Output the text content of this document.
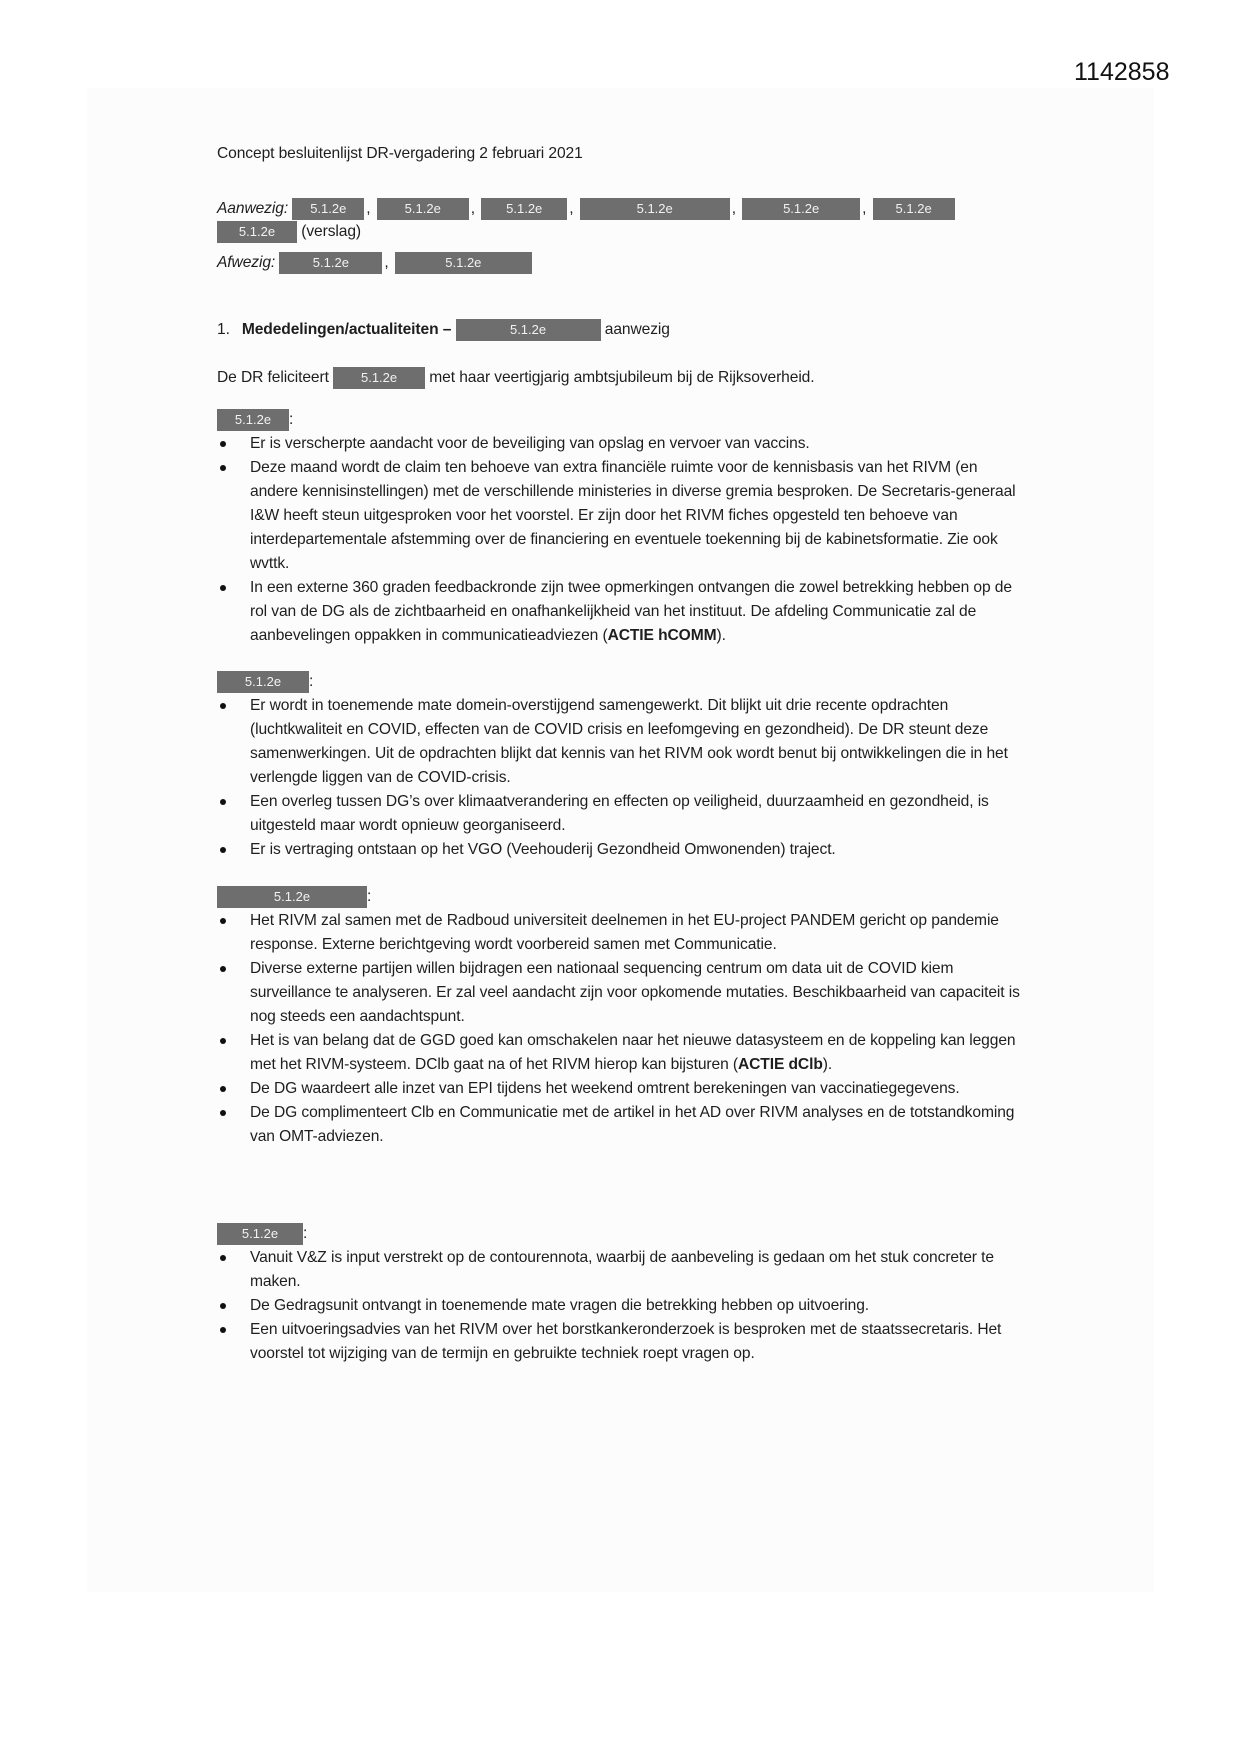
1142858
Concept besluitenlijst DR-vergadering 2 februari 2021
Aanwezig: 5.1.2e ,	5.1.2e , 5.1.2e ,	5.1.2e	,	5.1.2e	, 5.1.2e
5.1.2e (verslag)
Afwezig:	5.1.2e ,	5.1.2e
1. Mededelingen/actualiteiten –	5.1.2e	aanwezig
De DR feliciteert 5.1.2e met haar veertigjarig ambtsjubileum bij de Rijksoverheid.
5.1.2e :
Er is verscherpte aandacht voor de beveiliging van opslag en vervoer van vaccins.
Deze maand wordt de claim ten behoeve van extra financiële ruimte voor de kennisbasis van het RIVM (en andere kennisinstellingen) met de verschillende ministeries in diverse gremia besproken. De Secretaris-generaal I&W heeft steun uitgesproken voor het voorstel. Er zijn door het RIVM fiches opgesteld ten behoeve van interdepartementale afstemming over de financiering en eventuele toekenning bij de kabinetsformatie. Zie ook wvttk.
In een externe 360 graden feedbackronde zijn twee opmerkingen ontvangen die zowel betrekking hebben op de rol van de DG als de zichtbaarheid en onafhankelijkheid van het instituut. De afdeling Communicatie zal de aanbevelingen oppakken in communicatieadviezen (ACTIE hCOMM).
5.1.2e :
Er wordt in toenemende mate domein-overstijgend samengewerkt. Dit blijkt uit drie recente opdrachten (luchtkwaliteit en COVID, effecten van de COVID crisis en leefomgeving en gezondheid). De DR steunt deze samenwerkingen. Uit de opdrachten blijkt dat kennis van het RIVM ook wordt benut bij ontwikkelingen die in het verlengde liggen van de COVID-crisis.
Een overleg tussen DG’s over klimaatverandering en effecten op veiligheid, duurzaamheid en gezondheid, is uitgesteld maar wordt opnieuw georganiseerd.
Er is vertraging ontstaan op het VGO (Veehouderij Gezondheid Omwonenden) traject.
5.1.2e	:
Het RIVM zal samen met de Radboud universiteit deelnemen in het EU-project PANDEM gericht op pandemie response. Externe berichtgeving wordt voorbereid samen met Communicatie.
Diverse externe partijen willen bijdragen een nationaal sequencing centrum om data uit de COVID kiem surveillance te analyseren. Er zal veel aandacht zijn voor opkomende mutaties. Beschikbaarheid van capaciteit is nog steeds een aandachtspunt.
Het is van belang dat de GGD goed kan omschakelen naar het nieuwe datasysteem en de koppeling kan leggen met het RIVM-systeem. DClb gaat na of het RIVM hierop kan bijsturen (ACTIE dClb).
De DG waardeert alle inzet van EPI tijdens het weekend omtrent berekeningen van vaccinatiegegevens.
De DG complimenteert Clb en Communicatie met de artikel in het AD over RIVM analyses en de totstandkoming van OMT-adviezen.
5.1.2e :
Vanuit V&Z is input verstrekt op de contourennota, waarbij de aanbeveling is gedaan om het stuk concreter te maken.
De Gedragsunit ontvangt in toenemende mate vragen die betrekking hebben op uitvoering.
Een uitvoeringsadvies van het RIVM over het borstkankeronderzoek is besproken met de staatssecretaris. Het voorstel tot wijziging van de termijn en gebruikte techniek roept vragen op.
